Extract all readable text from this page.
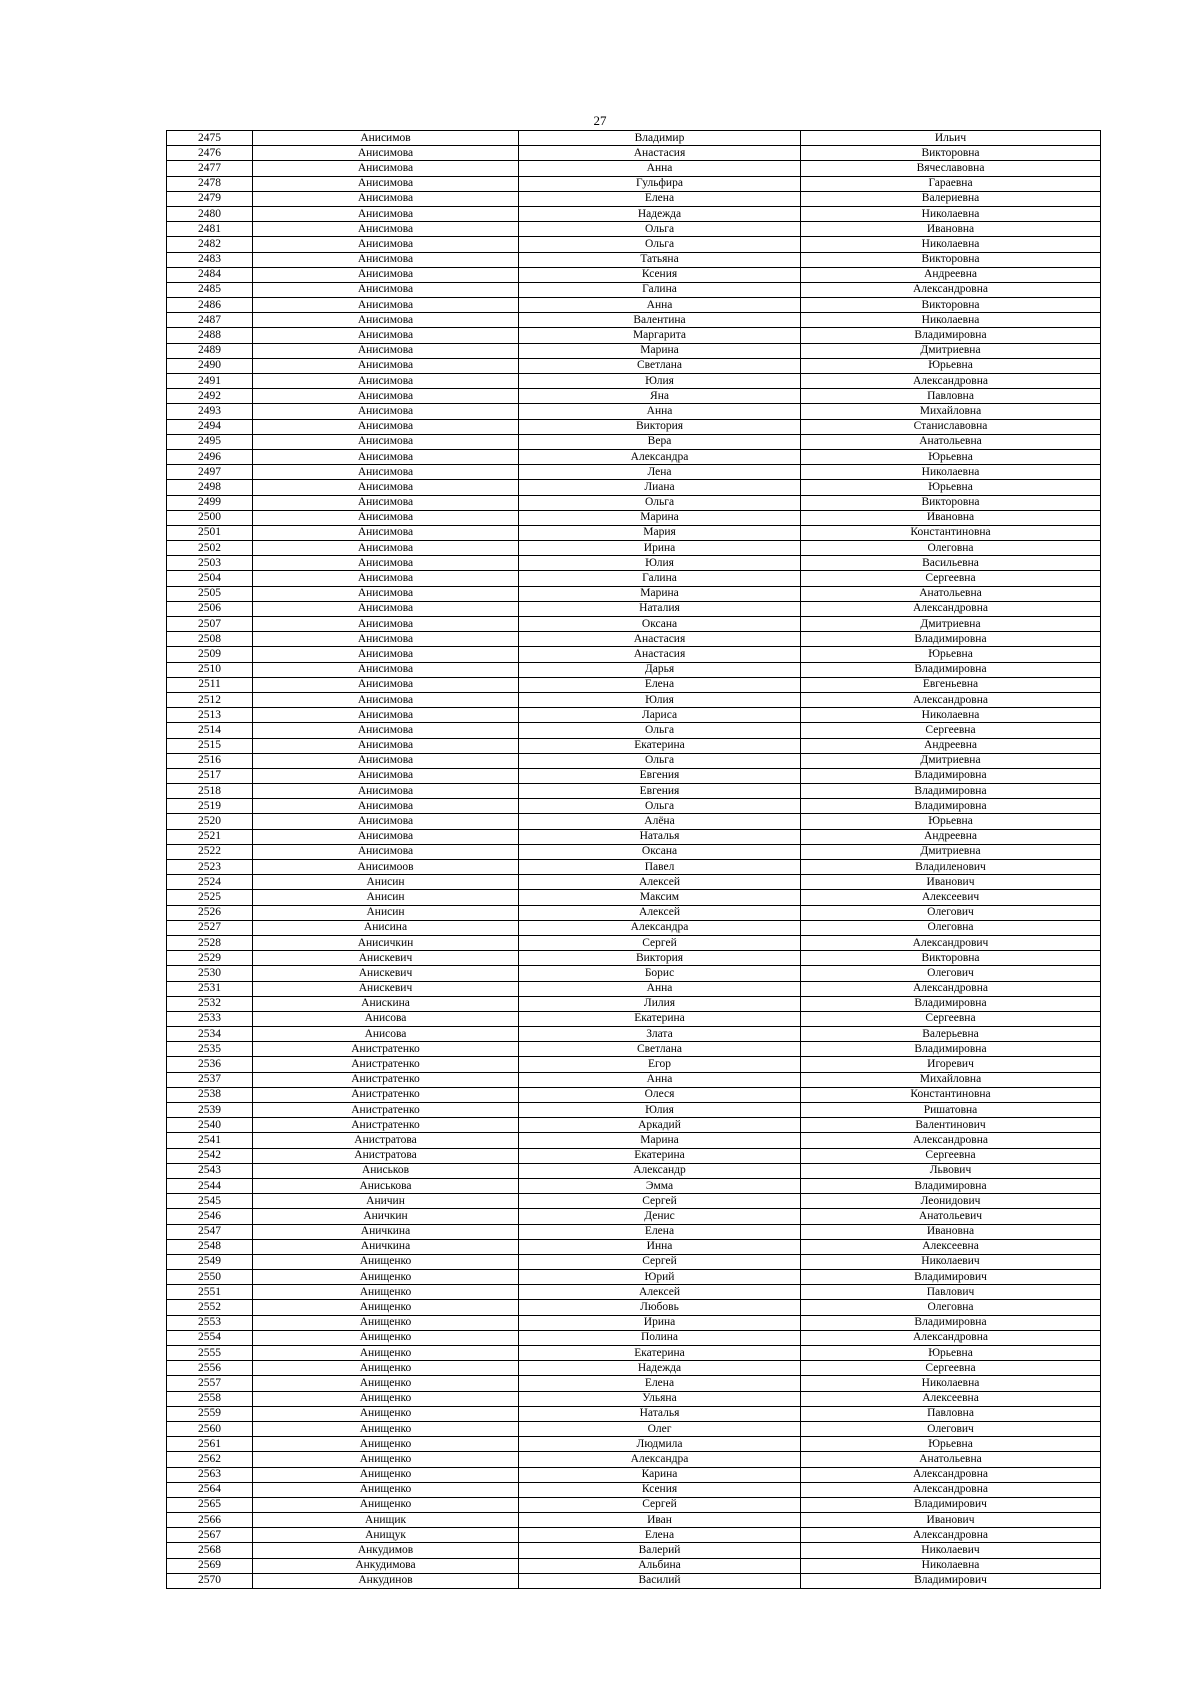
27
2475	Анисимов	Владимир	Ильич
2476	Анисимова	Анастасия	Викторовна
2477	Анисимова	Анна	Вячеславовна
2478	Анисимова	Гульфира	Гараевна
2479	Анисимова	Елена	Валериевна
2480	Анисимова	Надежда	Николаевна
2481	Анисимова	Ольга	Ивановна
2482	Анисимова	Ольга	Николаевна
2483	Анисимова	Татьяна	Викторовна
2484	Анисимова	Ксения	Андреевна
2485	Анисимова	Галина	Александровна
2486	Анисимова	Анна	Викторовна
2487	Анисимова	Валентина	Николаевна
2488	Анисимова	Маргарита	Владимировна
2489	Анисимова	Марина	Дмитриевна
2490	Анисимова	Светлана	Юрьевна
2491	Анисимова	Юлия	Александровна
2492	Анисимова	Яна	Павловна
2493	Анисимова	Анна	Михайловна
2494	Анисимова	Виктория	Станиславовна
2495	Анисимова	Вера	Анатольевна
2496	Анисимова	Александра	Юрьевна
2497	Анисимова	Лена	Николаевна
2498	Анисимова	Лиана	Юрьевна
2499	Анисимова	Ольга	Викторовна
2500	Анисимова	Марина	Ивановна
2501	Анисимова	Мария	Константиновна
2502	Анисимова	Ирина	Олеговна
2503	Анисимова	Юлия	Васильевна
2504	Анисимова	Галина	Сергеевна
2505	Анисимова	Марина	Анатольевна
2506	Анисимова	Наталия	Александровна
2507	Анисимова	Оксана	Дмитриевна
2508	Анисимова	Анастасия	Владимировна
2509	Анисимова	Анастасия	Юрьевна
2510	Анисимова	Дарья	Владимировна
2511	Анисимова	Елена	Евгеньевна
2512	Анисимова	Юлия	Александровна
2513	Анисимова	Лариса	Николаевна
2514	Анисимова	Ольга	Сергеевна
2515	Анисимова	Екатерина	Андреевна
2516	Анисимова	Ольга	Дмитриевна
2517	Анисимова	Евгения	Владимировна
2518	Анисимова	Евгения	Владимировна
2519	Анисимова	Ольга	Владимировна
2520	Анисимова	Алёна	Юрьевна
2521	Анисимова	Наталья	Андреевна
2522	Анисимова	Оксана	Дмитриевна
2523	Анисимоов	Павел	Владиленович
2524	Анисин	Алексей	Иванович
2525	Анисин	Максим	Алексеевич
2526	Анисин	Алексей	Олегович
2527	Анисина	Александра	Олеговна
2528	Анисичкин	Сергей	Александрович
2529	Анискевич	Виктория	Викторовна
2530	Анискевич	Борис	Олегович
2531	Анискевич	Анна	Александровна
2532	Анискина	Лилия	Владимировна
2533	Анисова	Екатерина	Сергеевна
2534	Анисова	Злата	Валерьевна
2535	Анистратенко	Светлана	Владимировна
2536	Анистратенко	Егор	Игоревич
2537	Анистратенко	Анна	Михайловна
2538	Анистратенко	Олеся	Константиновна
2539	Анистратенко	Юлия	Ришатовна
2540	Анистратенко	Аркадий	Валентинович
2541	Анистратова	Марина	Александровна
2542	Анистратова	Екатерина	Сергеевна
2543	Аниськов	Александр	Львович
2544	Аниськова	Эмма	Владимировна
2545	Аничин	Сергей	Леонидович
2546	Аничкин	Денис	Анатольевич
2547	Аничкина	Елена	Ивановна
2548	Аничкина	Инна	Алексеевна
2549	Анищенко	Сергей	Николаевич
2550	Анищенко	Юрий	Владимирович
2551	Анищенко	Алексей	Павлович
2552	Анищенко	Любовь	Олеговна
2553	Анищенко	Ирина	Владимировна
2554	Анищенко	Полина	Александровна
2555	Анищенко	Екатерина	Юрьевна
2556	Анищенко	Надежда	Сергеевна
2557	Анищенко	Елена	Николаевна
2558	Анищенко	Ульяна	Алексеевна
2559	Анищенко	Наталья	Павловна
2560	Анищенко	Олег	Олегович
2561	Анищенко	Людмила	Юрьевна
2562	Анищенко	Александра	Анатольевна
2563	Анищенко	Карина	Александровна
2564	Анищенко	Ксения	Александровна
2565	Анищенко	Сергей	Владимирович
2566	Анищик	Иван	Иванович
2567	Анищук	Елена	Александровна
2568	Анкудимов	Валерий	Николаевич
2569	Анкудимова	Альбина	Николаевна
2570	Анкудинов	Василий	Владимирович
